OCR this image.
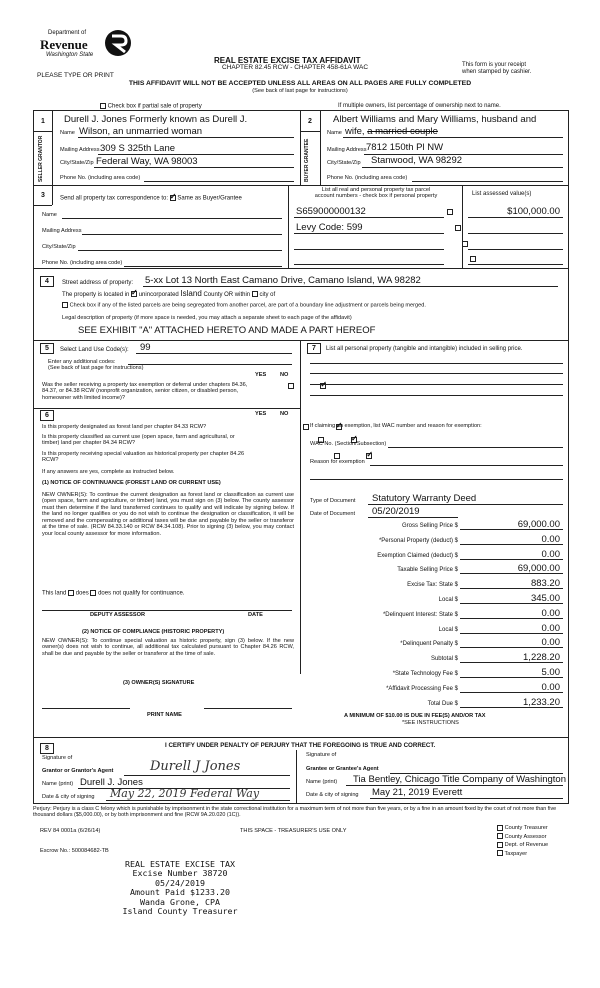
Department of
Revenue
Washington State
PLEASE TYPE OR PRINT
REAL ESTATE EXCISE TAX AFFIDAVIT
CHAPTER 82.45 RCW - CHAPTER 458-61A WAC	This form is your receipt
when stamped by cashier.
THIS AFFIDAVIT WILL NOT BE ACCEPTED UNLESS ALL AREAS ON ALL PAGES ARE FULLY COMPLETED
(See back of last page for instructions)
Check box if partial sale of property	If multiple owners, list percentage of ownership next to name.
1	2
SELLER GRANTOR	BUYER GRANTEE
Durell J. Jones Formerly known as Durell J.
Name Wilson, an unmarried woman
Mailing Address 309 S 325th Lane
City/State/Zip Federal Way, WA 98003
Phone No. (including area code)
Albert Williams and Mary Williams, husband and
Name wife, a married couple
Mailing Address 7812 150th Pl NW
City/State/Zip Stanwood, WA 98292
Phone No. (including area code)
3	Send all property tax correspondence to: ✓ Same as Buyer/Grantee
Name
Mailing Address
City/State/Zip
Phone No. (including area code)
List all real and personal property tax parcel
account numbers - check box if personal property	List assessed value(s)
S659000000132	$100,000.00

Levy Code: 599

4	Street address of property: 5-xx Lot 13 North East Camano Drive, Camano Island, WA 98282
The property is located in ✓ unincorporated Island County OR within city of
Check box if any of the listed parcels are being segregated from another parcel, are part of a boundary line adjustment or parcels being merged.
Legal description of property (if more space is needed, you may attach a separate sheet to each page of the affidavit)
SEE EXHIBIT "A" ATTACHED HERETO AND MADE A PART HEREOF
5	Select Land Use Code(s): 99
Enter any additional codes:
(See back of last page for instructions)
YES NO
Was the seller receiving a property tax exemption or deferral under chapters 84.36, 84.37, or 84.38 RCW (nonprofit organization, senior citizen, or disabled person, homeowner with limited income)?
✓
6	YES NO
Is this property designated as forest land per chapter 84.33 RCW?
✓
Is this property classified as current use (open space, farm and agricultural, or timber) land per chapter 84.34 RCW?
✓
Is this property receiving special valuation as historical property per chapter 84.26 RCW?
✓
If any answers are yes, complete as instructed below.
(1) NOTICE OF CONTINUANCE (FOREST LAND OR CURRENT USE)
NEW OWNER(S): To continue the current designation as forest land or classification as current use (open space, farm and agriculture, or timber) land, you must sign on (3) below. The county assessor must then determine if the land transferred continues to qualify and will indicate by signing below. If the land no longer qualifies or you do not wish to continue the designation or classification, it will be removed and the compensating or additional taxes will be due and payable by the seller or transferor at the time of sale. (RCW 84.33.140 or RCW 84.34.108). Prior to signing (3) below, you may contact your local county assessor for more information.
This land does does not qualify for continuance.
DEPUTY ASSESSOR	DATE
(2) NOTICE OF COMPLIANCE (HISTORIC PROPERTY)
NEW OWNER(S): To continue special valuation as historic property, sign (3) below. If the new owner(s) does not wish to continue, all additional tax calculated pursuant to Chapter 84.26 RCW, shall be due and payable by the seller or transferor at the time of sale.
(3) OWNER(S) SIGNATURE
PRINT NAME
7	List all personal property (tangible and intangible) included in selling price.
If claiming an exemption, list WAC number and reason for exemption:
WAC No. (Section/Subsection)
Reason for exemption
Type of Document Statutory Warranty Deed
Date of Document 05/20/2019
Gross Selling Price $	69,000.00
*Personal Property (deduct) $	0.00
Exemption Claimed (deduct) $	0.00
Taxable Selling Price $	69,000.00
Excise Tax: State $	883.20
Local $	345.00
*Delinquent Interest: State $	0.00
Local $	0.00
*Delinquent Penalty $	0.00
Subtotal $	1,228.20
*State Technology Fee $	5.00
*Affidavit Processing Fee $	0.00
Total Due $	1,233.20
A MINIMUM OF $10.00 IS DUE IN FEE(S) AND/OR TAX
*SEE INSTRUCTIONS
8	I CERTIFY UNDER PENALTY OF PERJURY THAT THE FOREGOING IS TRUE AND CORRECT.
Signature of
Grantor or Grantor's Agent	Durell J Jones
Name (print) Durell J. Jones
Date & city of signing May 22, 2019 Federal Way
Signature of
Grantee or Grantee's Agent
Name (print) Tia Bentley, Chicago Title Company of Washington
Date & city of signing May 21, 2019 Everett
Perjury: Perjury is a class C felony which is punishable by imprisonment in the state correctional institution for a maximum term of not more than five years, or by a fine in an amount fixed by the court of not more than five thousand dollars ($5,000.00), or by both imprisonment and fine (RCW 9A.20.020 (1C)).
REV 84 0001a (6/26/14)	THIS SPACE - TREASURER'S USE ONLY
Escrow No.: 500084682-TB
County Treasurer
County Assessor
Dept. of Revenue
Taxpayer
REAL ESTATE EXCISE TAX
Excise Number 38720
05/24/2019
Amount Paid $1233.20
Wanda Grone, CPA
Island County Treasurer
